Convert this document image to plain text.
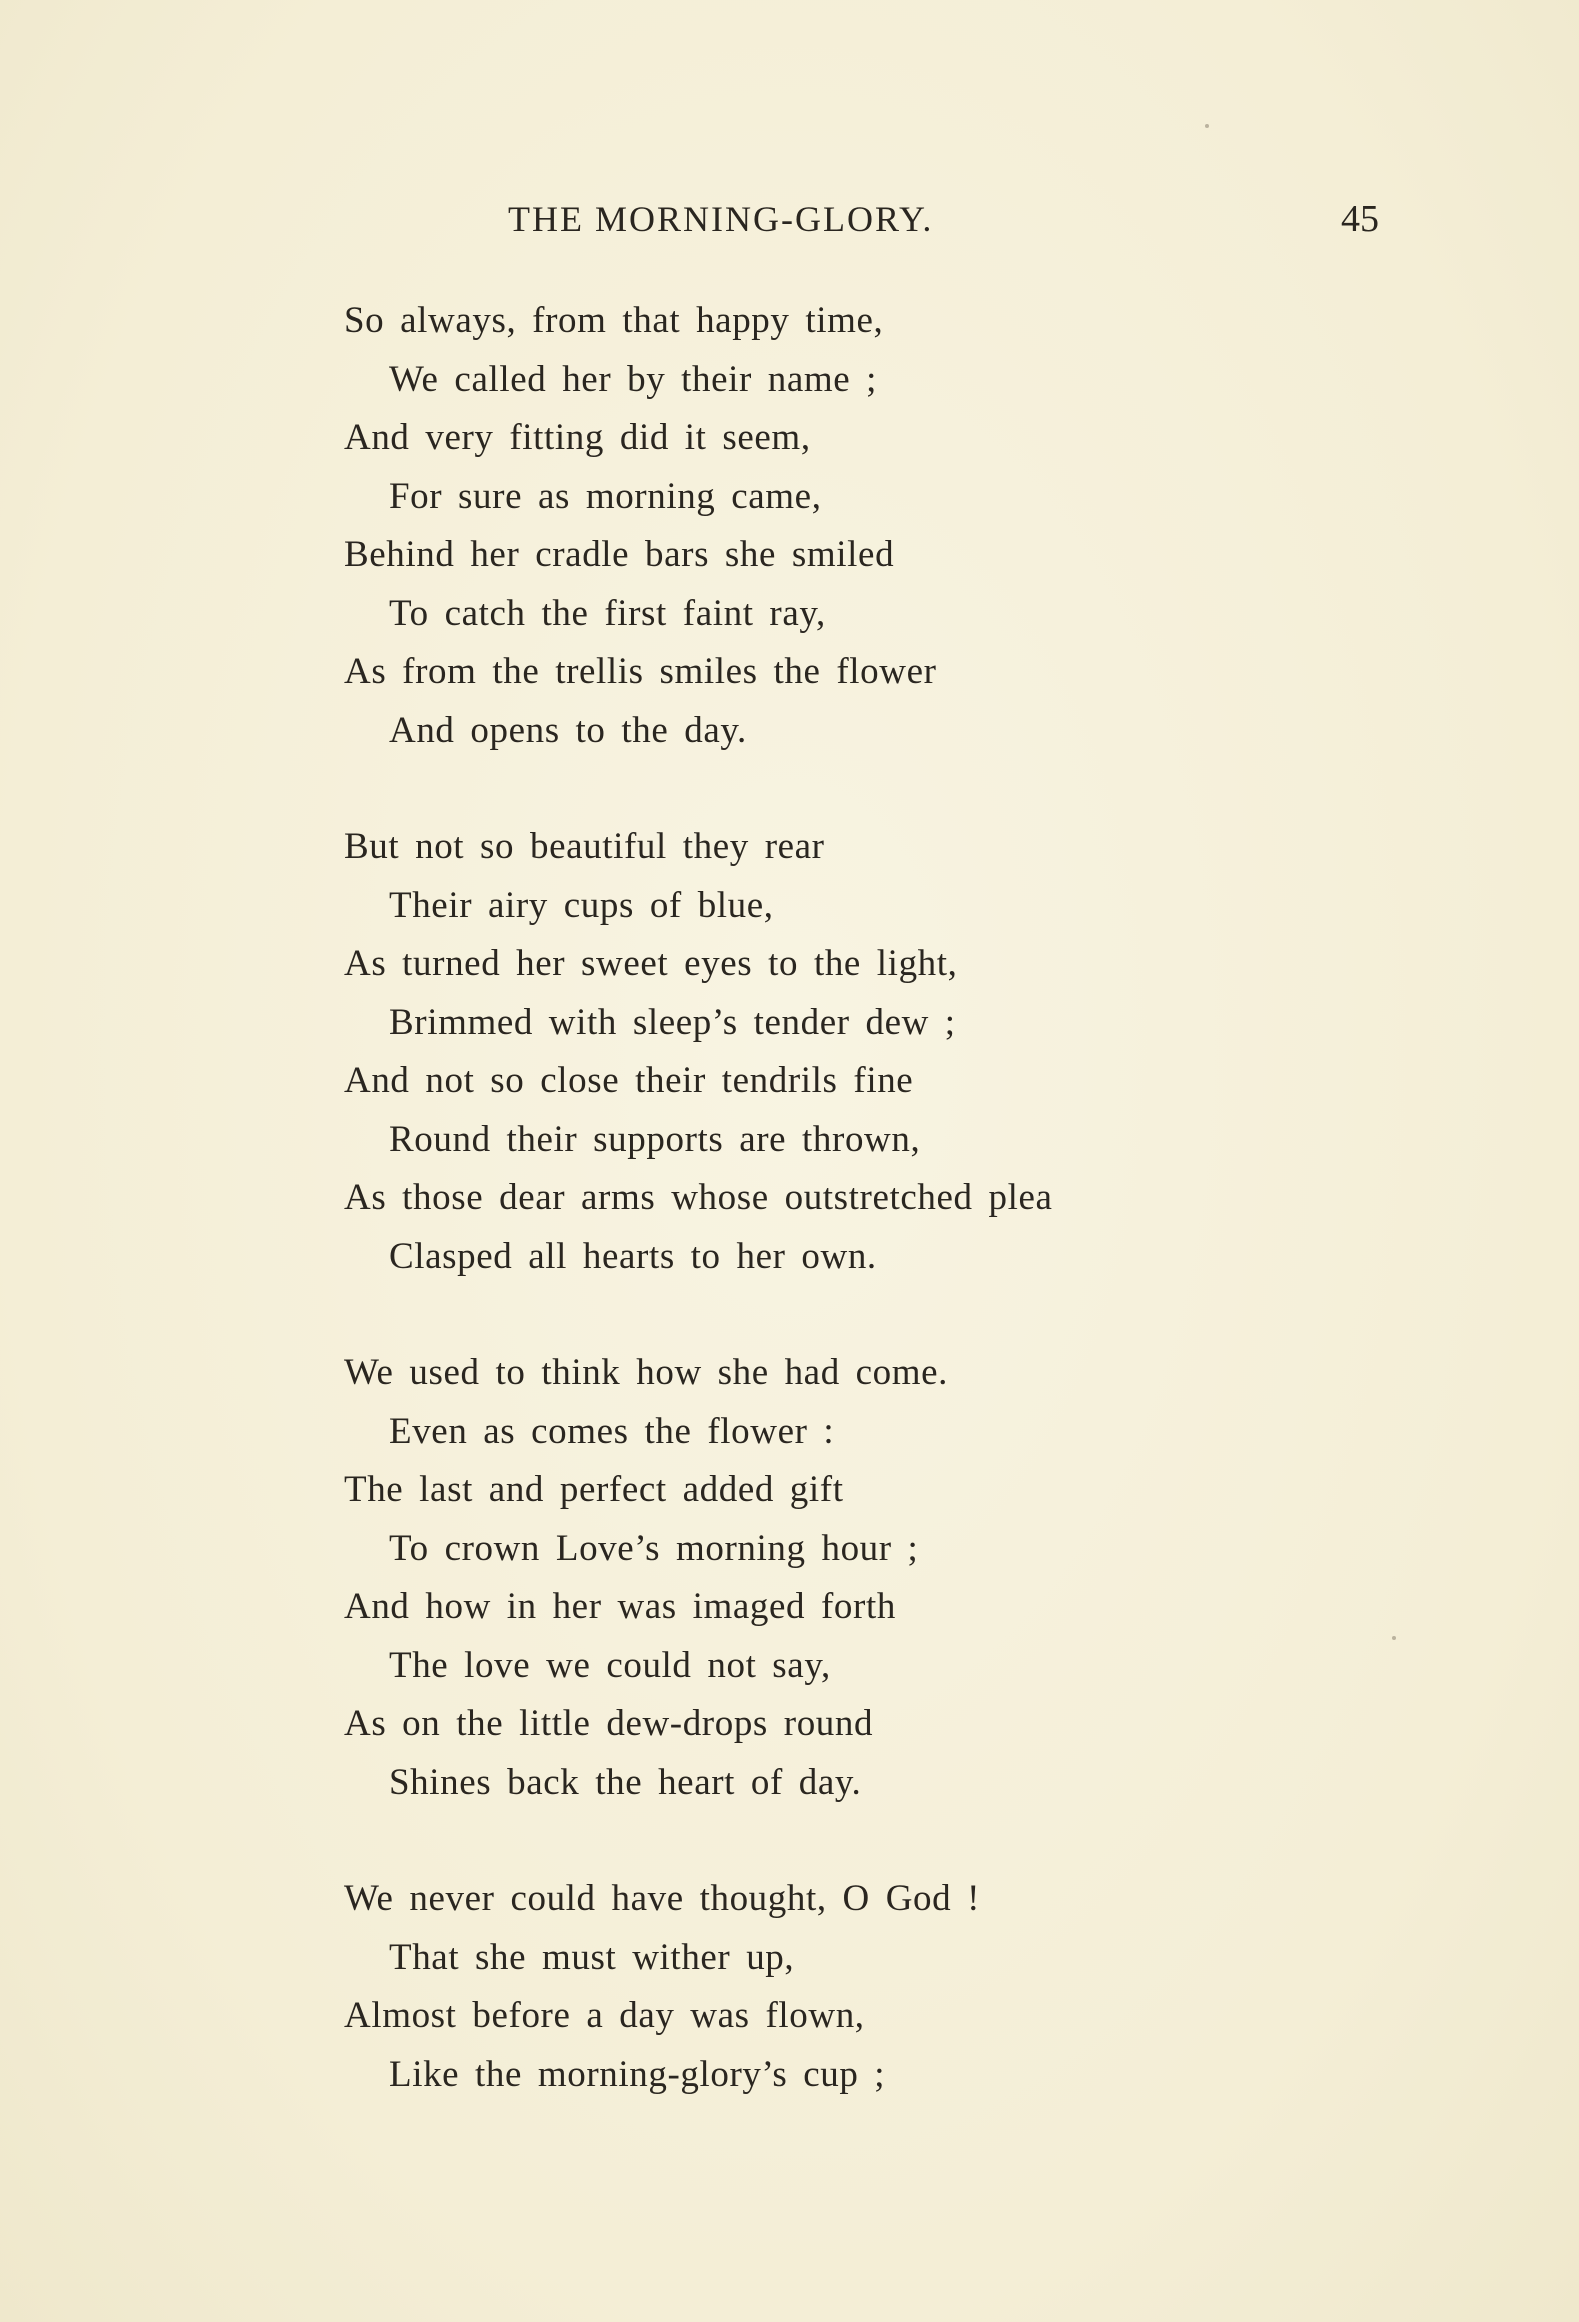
THE MORNING-GLORY.	45
So always, from that happy time,
We called her by their name ;
And very fitting did it seem,
For sure as morning came,
Behind her cradle bars she smiled
To catch the first faint ray,
As from the trellis smiles the flower
And opens to the day.
But not so beautiful they rear
Their airy cups of blue,
As turned her sweet eyes to the light,
Brimmed with sleep’s tender dew ;
And not so close their tendrils fine
Round their supports are thrown,
As those dear arms whose outstretched plea
Clasped all hearts to her own.
We used to think how she had come.
Even as comes the flower :
The last and perfect added gift
To crown Love’s morning hour ;
And how in her was imaged forth
The love we could not say,
As on the little dew-drops round
Shines back the heart of day.
We never could have thought, O God !
That she must wither up,
Almost before a day was flown,
Like the morning-glory’s cup ;
